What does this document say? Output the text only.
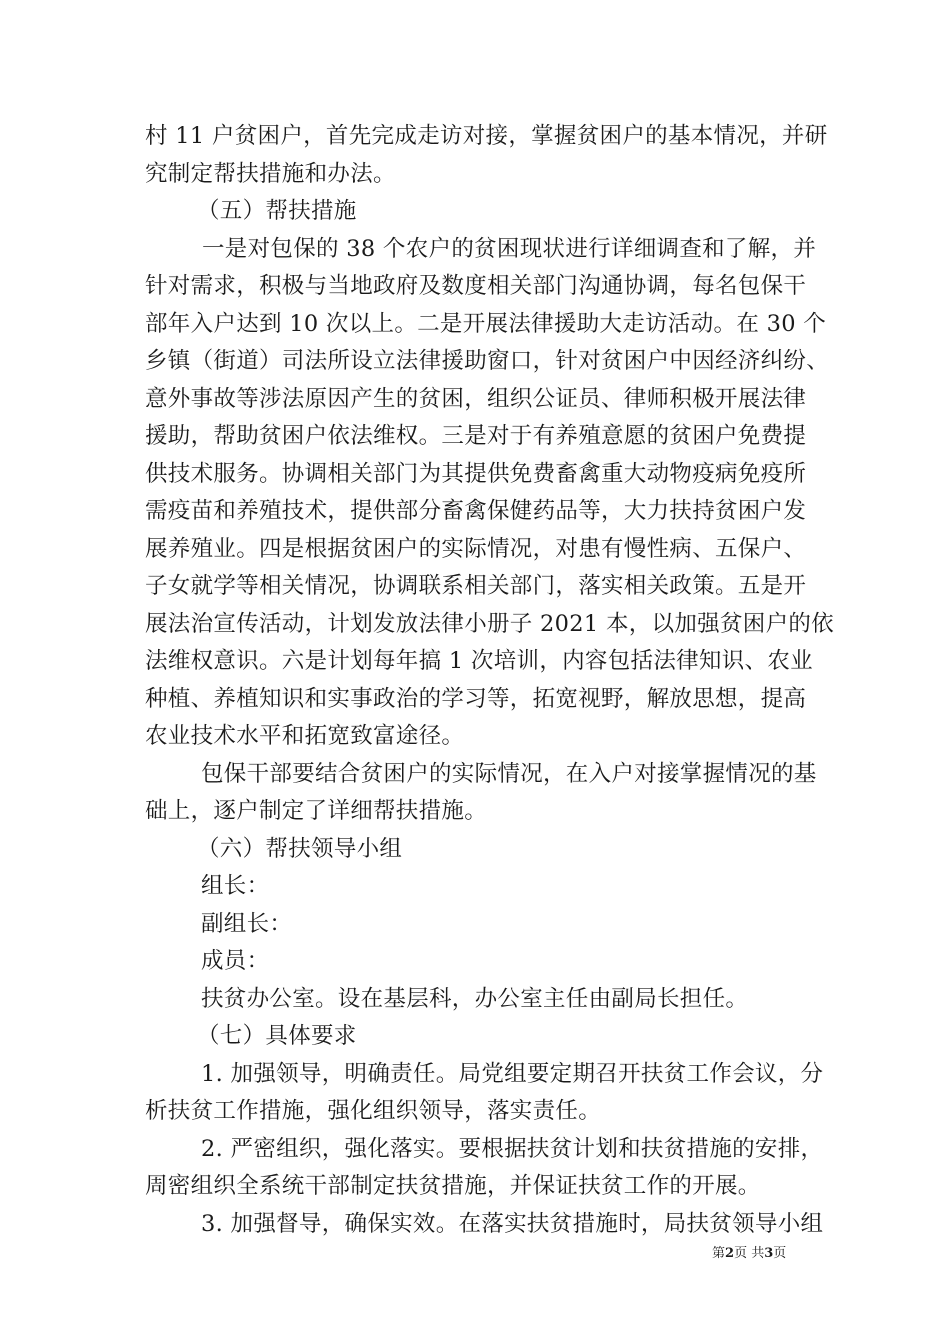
村 11 户贫困户，首先完成走访对接，掌握贫困户的基本情况，并研
究制定帮扶措施和办法。
（五）帮扶措施
一是对包保的 38 个农户的贫困现状进行详细调查和了解，并
针对需求，积极与当地政府及数度相关部门沟通协调，每名包保干
部年入户达到 10 次以上。二是开展法律援助大走访活动。在 30 个
乡镇（街道）司法所设立法律援助窗口，针对贫困户中因经济纠纷、
意外事故等涉法原因产生的贫困，组织公证员、律师积极开展法律
援助，帮助贫困户依法维权。三是对于有养殖意愿的贫困户免费提
供技术服务。协调相关部门为其提供免费畜禽重大动物疫病免疫所
需疫苗和养殖技术，提供部分畜禽保健药品等，大力扶持贫困户发
展养殖业。四是根据贫困户的实际情况，对患有慢性病、五保户、
子女就学等相关情况，协调联系相关部门，落实相关政策。五是开
展法治宣传活动，计划发放法律小册子 2021 本，以加强贫困户的依
法维权意识。六是计划每年搞 1 次培训，内容包括法律知识、农业
种植、养植知识和实事政治的学习等，拓宽视野，解放思想，提高
农业技术水平和拓宽致富途径。
包保干部要结合贫困户的实际情况，在入户对接掌握情况的基
础上，逐户制定了详细帮扶措施。
（六）帮扶领导小组
组长：
副组长：
成员：
扶贫办公室。设在基层科，办公室主任由副局长担任。
（七）具体要求
1. 加强领导，明确责任。局党组要定期召开扶贫工作会议，分
析扶贫工作措施，强化组织领导，落实责任。
2. 严密组织，强化落实。要根据扶贫计划和扶贫措施的安排，
周密组织全系统干部制定扶贫措施，并保证扶贫工作的开展。
3. 加强督导，确保实效。在落实扶贫措施时，局扶贫领导小组
第2页 共3页
